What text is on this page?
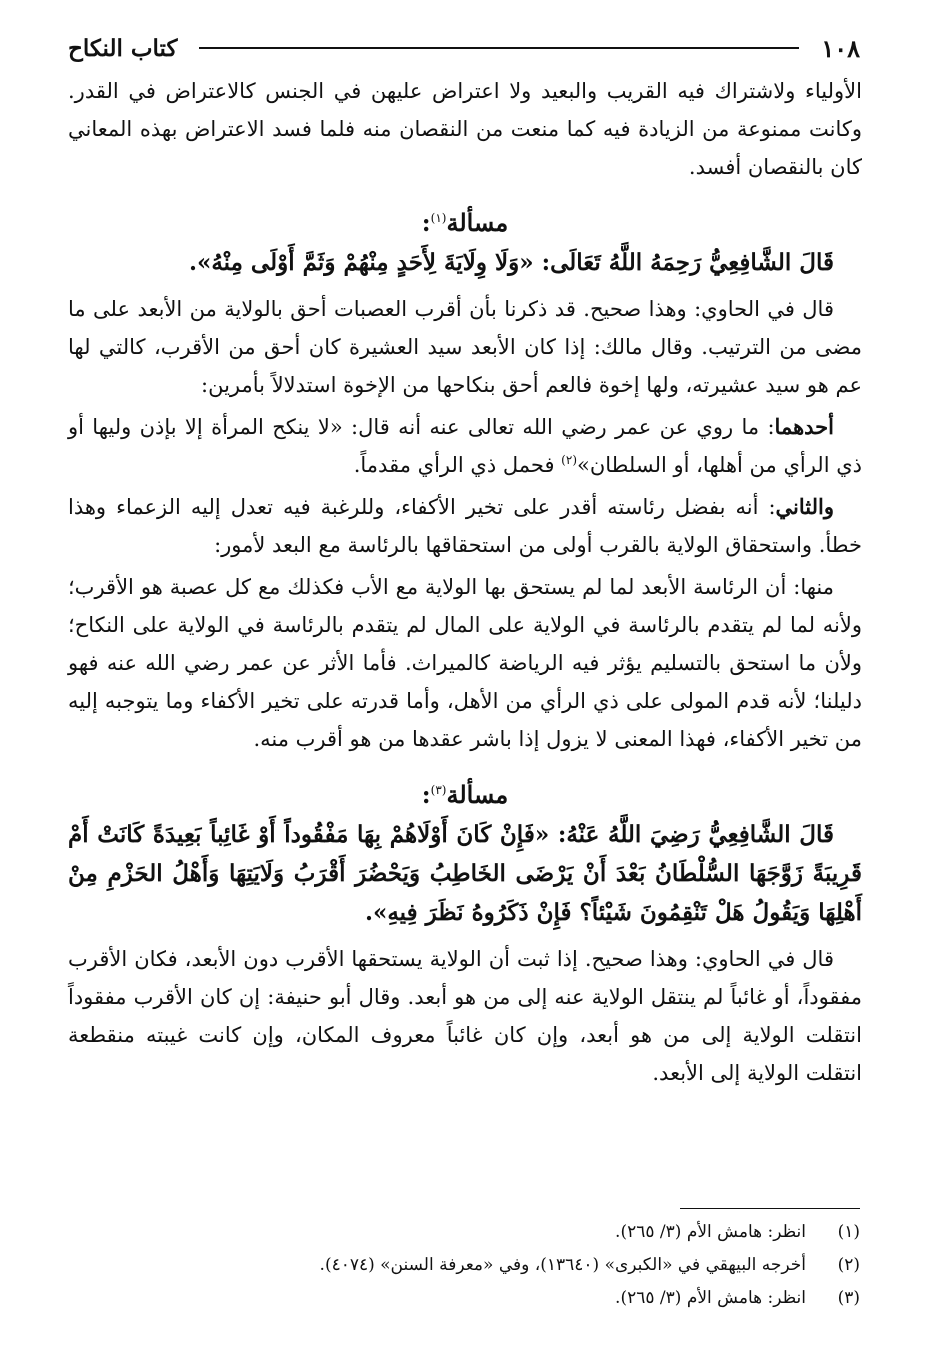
١٠٨
كتاب النكاح

الأولياء ولاشتراك فيه القريب والبعيد ولا اعتراض عليهن في الجنس كالاعتراض في القدر. وكانت ممنوعة من الزيادة فيه كما منعت من النقصان منه فلما فسد الاعتراض بهذه المعاني كان بالنقصان أفسد.

مسألة$^{(١)}$:

قَالَ الشَّافِعِيُّ رَحِمَهُ اللَّهُ تَعَالَى: «وَلَا وِلَايَةَ لِأَحَدٍ مِنْهُمْ وَثَمَّ أَوْلَى مِنْهُ».

قال في الحاوي: وهذا صحيح. قد ذكرنا بأن أقرب العصبات أحق بالولاية من الأبعد على ما مضى من الترتيب. وقال مالك: إذا كان الأبعد سيد العشيرة كان أحق من الأقرب، كالتي لها عم هو سيد عشيرته، ولها إخوة فالعم أحق بنكاحها من الإخوة استدلالاً بأمرين:

أحدهما: ما روي عن عمر رضي الله تعالى عنه أنه قال: «لا ينكح المرأة إلا بإذن وليها أو ذي الرأي من أهلها، أو السلطان»$^{(٢)}$ فحمل ذي الرأي مقدماً.

والثاني: أنه بفضل رئاسته أقدر على تخير الأكفاء، وللرغبة فيه تعدل إليه الزعماء وهذا خطأ. واستحقاق الولاية بالقرب أولى من استحقاقها بالرئاسة مع البعد لأمور:

منها: أن الرئاسة الأبعد لما لم يستحق بها الولاية مع الأب فكذلك مع كل عصبة هو الأقرب؛ ولأنه لما لم يتقدم بالرئاسة في الولاية على المال لم يتقدم بالرئاسة في الولاية على النكاح؛ ولأن ما استحق بالتسليم يؤثر فيه الرياضة كالميراث. فأما الأثر عن عمر رضي الله عنه فهو دليلنا؛ لأنه قدم المولى على ذي الرأي من الأهل، وأما قدرته على تخير الأكفاء وما يتوجبه إليه من تخير الأكفاء، فهذا المعنى لا يزول إذا باشر عقدها من هو أقرب منه.

مسألة$^{(٣)}$:

قَالَ الشَّافِعِيُّ رَضِيَ اللَّهُ عَنْهُ: «فَإِنْ كَانَ أَوْلَاهُمْ بِهَا مَفْقُوداً أَوْ غَائِباً بَعِيدَةً كَانَتْ أَمْ قَرِيبَةً زَوَّجَهَا السُّلْطَانُ بَعْدَ أَنْ يَرْضَى الخَاطِبُ وَيَحْضُرَ أَقْرَبُ وَلَايَتِهَا وَأَهْلُ الحَزْمِ مِنْ أَهْلِهَا وَيَقُولُ هَلْ تَنْقِمُونَ شَيْئاً؟ فَإِنْ ذَكَرُوهُ نَظَرَ فِيهِ».

قال في الحاوي: وهذا صحيح. إذا ثبت أن الولاية يستحقها الأقرب دون الأبعد، فكان الأقرب مفقوداً، أو غائباً لم ينتقل الولاية عنه إلى من هو أبعد. وقال أبو حنيفة: إن كان الأقرب مفقوداً انتقلت الولاية إلى من هو أبعد، وإن كان غائباً معروف المكان، وإن كانت غيبته منقطعة انتقلت الولاية إلى الأبعد.

(١)
انظر: هامش الأم (٣/ ٢٦٥).
(٢)
أخرجه البيهقي في «الكبرى» (١٣٦٤٠)، وفي «معرفة السنن» (٤٠٧٤).
(٣)
انظر: هامش الأم (٣/ ٢٦٥).
